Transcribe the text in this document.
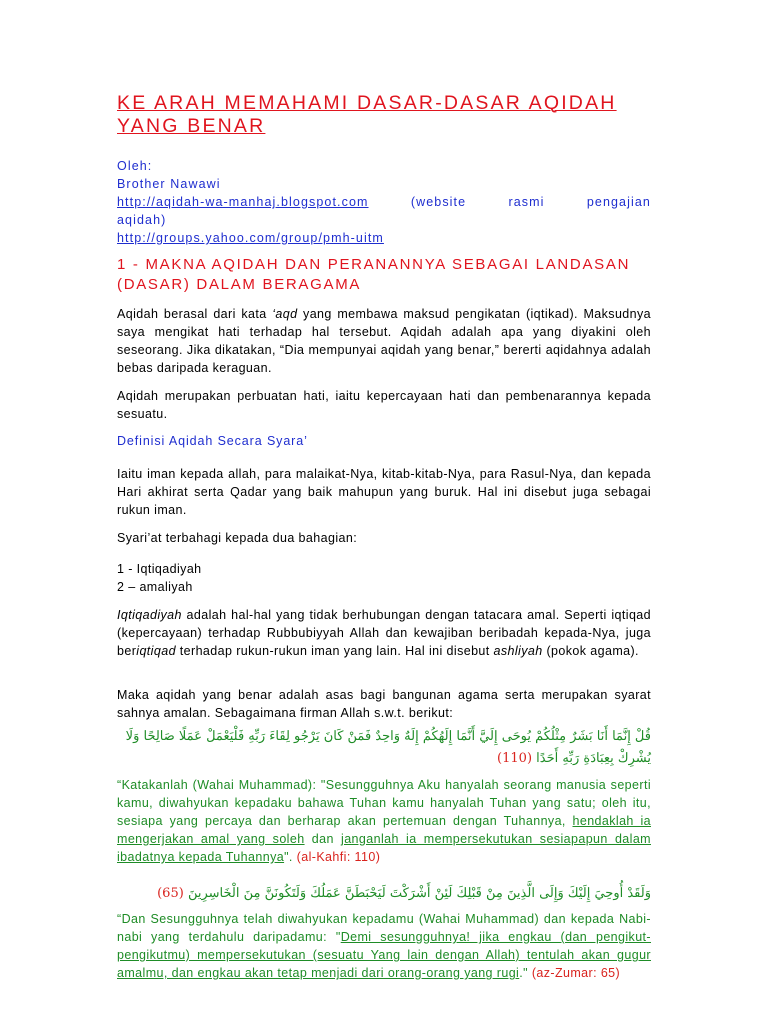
KE ARAH MEMAHAMI DASAR-DASAR AQIDAH YANG BENAR
Oleh:
Brother Nawawi
http://aqidah-wa-manhaj.blogspot.com	(website	rasmi	pengajian
aqidah)
http://groups.yahoo.com/group/pmh-uitm
1 - MAKNA AQIDAH DAN PERANANNYA SEBAGAI LANDASAN (DASAR) DALAM BERAGAMA
Aqidah berasal dari kata ‘aqd yang membawa maksud pengikatan (iqtikad). Maksudnya saya mengikat hati terhadap hal tersebut. Aqidah adalah apa yang diyakini oleh seseorang. Jika dikatakan, “Dia mempunyai aqidah yang benar,” bererti aqidahnya adalah bebas daripada keraguan.
Aqidah merupakan perbuatan hati, iaitu kepercayaan hati dan pembenarannya kepada sesuatu.
Definisi Aqidah Secara Syara’
Iaitu iman kepada allah, para malaikat-Nya, kitab-kitab-Nya, para Rasul-Nya, dan kepada Hari akhirat serta Qadar yang baik mahupun yang buruk. Hal ini disebut juga sebagai rukun iman.
Syari’at terbahagi kepada dua bahagian:
1 - Iqtiqadiyah
2 – amaliyah
Iqtiqadiyah adalah hal-hal yang tidak berhubungan dengan tatacara amal. Seperti iqtiqad (kepercayaan) terhadap Rubbubiyyah Allah dan kewajiban beribadah kepada-Nya, juga beriqtiqad terhadap rukun-rukun iman yang lain. Hal ini disebut ashliyah (pokok agama).
Maka aqidah yang benar adalah asas bagi bangunan agama serta merupakan syarat sahnya amalan. Sebagaimana firman Allah s.w.t. berikut:
قُلْ إِنَّمَا أَنَا بَشَرٌ مِثْلُكُمْ يُوحَى إِلَيَّ أَنَّمَا إِلَهُكُمْ إِلَهٌ وَاحِدٌ فَمَنْ كَانَ يَرْجُو لِقَاءَ رَبِّهِ فَلْيَعْمَلْ عَمَلًا صَالِحًا وَلَا يُشْرِكْ بِعِبَادَةِ رَبِّهِ أَحَدًا (110)
“Katakanlah (Wahai Muhammad): "Sesungguhnya Aku hanyalah seorang manusia seperti kamu, diwahyukan kepadaku bahawa Tuhan kamu hanyalah Tuhan yang satu; oleh itu, sesiapa yang percaya dan berharap akan pertemuan dengan Tuhannya, hendaklah ia mengerjakan amal yang soleh dan janganlah ia mempersekutukan sesiapapun dalam ibadatnya kepada Tuhannya". (al-Kahfi: 110)
وَلَقَدْ أُوحِيَ إِلَيْكَ وَإِلَى الَّذِينَ مِنْ قَبْلِكَ لَئِنْ أَشْرَكْتَ لَيَحْبَطَنَّ عَمَلُكَ وَلَتَكُونَنَّ مِنَ الْخَاسِرِينَ (65)
“Dan Sesungguhnya telah diwahyukan kepadamu (Wahai Muhammad) dan kepada Nabi-nabi yang terdahulu daripadamu: "Demi sesungguhnya! jika engkau (dan pengikut-pengikutmu) mempersekutukan (sesuatu Yang lain dengan Allah) tentulah akan gugur amalmu, dan engkau akan tetap menjadi dari orang-orang yang rugi." (az-Zumar: 65)
